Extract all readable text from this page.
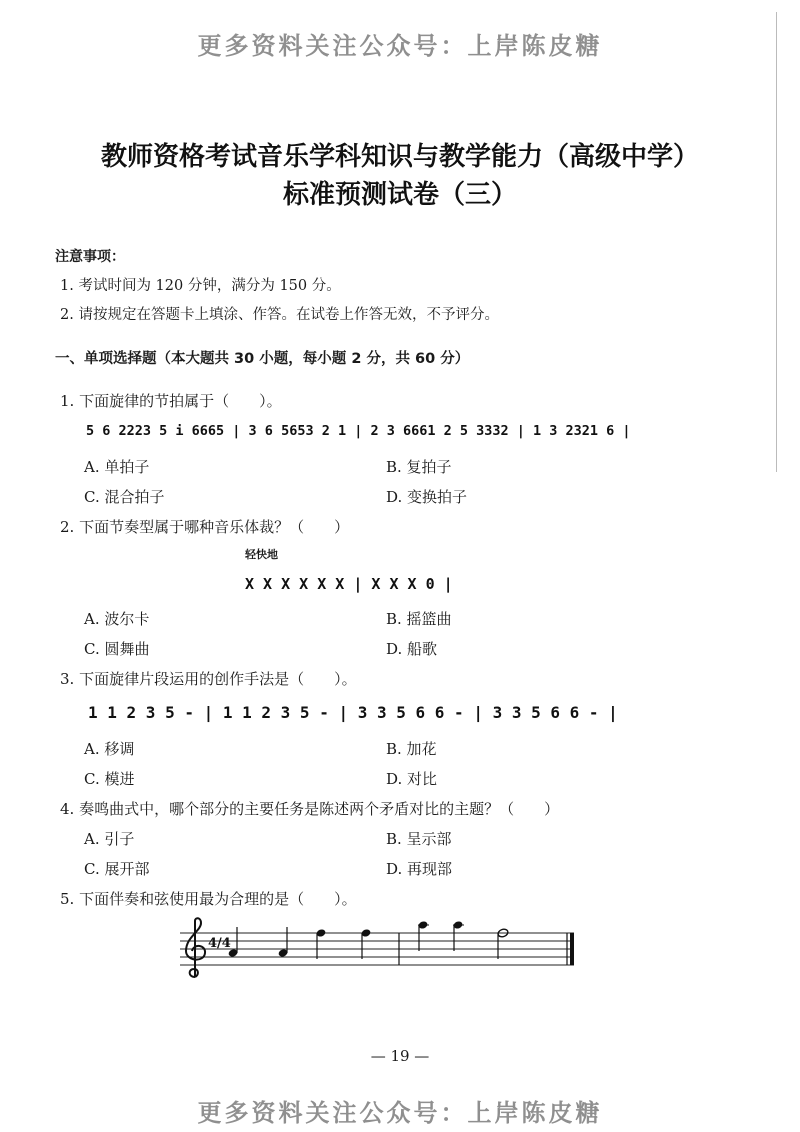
更多资料关注公众号：上岸陈皮糖
教师资格考试音乐学科知识与教学能力（高级中学）
标准预测试卷（三）
注意事项：
1. 考试时间为 120 分钟，满分为 150 分。
2. 请按规定在答题卡上填涂、作答。在试卷上作答无效，不予评分。
一、单项选择题（本大题共 30 小题，每小题 2 分，共 60 分）
1. 下面旋律的节拍属于（　　）。
5 6 2223 5 i 6665 | 3 6 5653 2 1 | 2 3 6661 2 5 3332 | 1 3 2321 6 |
A. 单拍子	B. 复拍子
C. 混合拍子	D. 变换拍子
2. 下面节奏型属于哪种音乐体裁？（　　）
轻快地
X X X X X X | X X X 0 |
A. 波尔卡	B. 摇篮曲
C. 圆舞曲	D. 船歌
3. 下面旋律片段运用的创作手法是（　　）。
1 1 2 3 5 - | 1 1 2 3 5 - | 3 3 5 6 6 - | 3 3 5 6 6 - |
A. 移调	B. 加花
C. 模进	D. 对比
4. 奏鸣曲式中，哪个部分的主要任务是陈述两个矛盾对比的主题？（　　）
A. 引子	B. 呈示部
C. 展开部	D. 再现部
5. 下面伴奏和弦使用最为合理的是（　　）。
4/4
— 19 —
更多资料关注公众号：上岸陈皮糖
